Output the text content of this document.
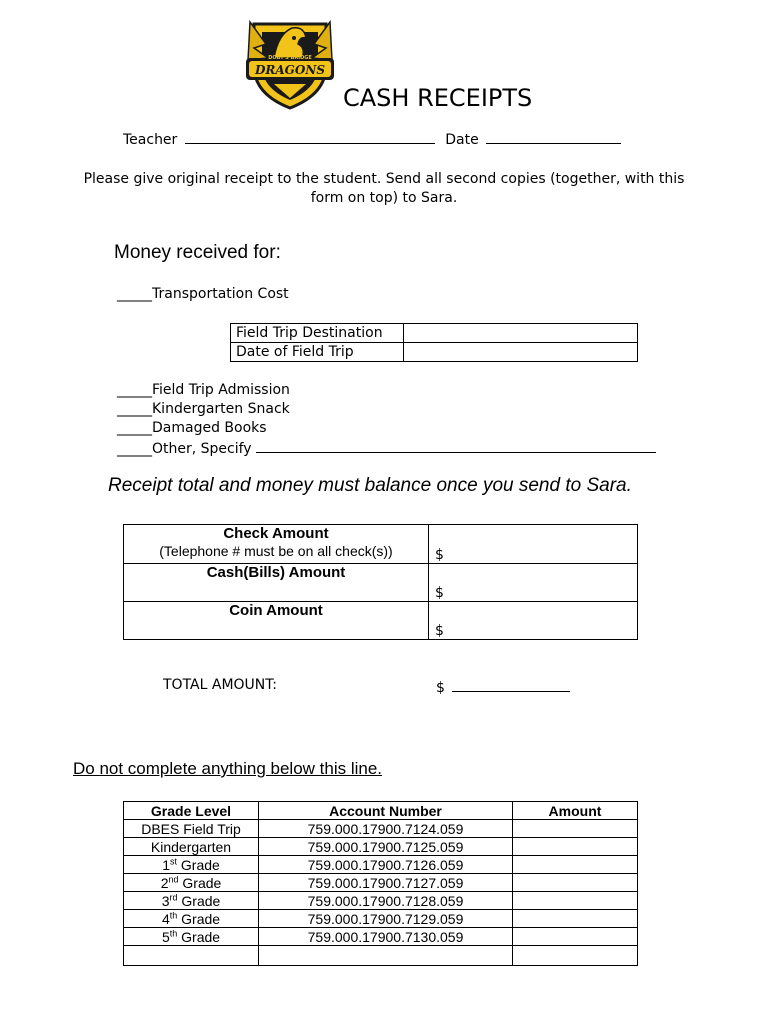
DOBY'S BRIDGE
DRAGONS
CASH RECEIPTS
Teacher	Date
Please give original receipt to the student. Send all second copies (together, with this form on top) to Sara.
Money received for:
_____Transportation Cost
Field Trip Destination	
Date of Field Trip	
_____Field Trip Admission
_____Kindergarten Snack
_____Damaged Books
_____Other, Specify
Receipt total and money must balance once you send to Sara.
Check Amount
(Telephone # must be on all check(s))	$

Cash(Bills) Amount	$

Coin Amount	$
TOTAL AMOUNT:	$
Do not complete anything below this line.
Grade Level	Account Number	Amount
DBES Field Trip	759.000.17900.7124.059	
Kindergarten	759.000.17900.7125.059	
1st Grade	759.000.17900.7126.059	
2nd Grade	759.000.17900.7127.059	
3rd Grade	759.000.17900.7128.059	
4th Grade	759.000.17900.7129.059	
5th Grade	759.000.17900.7130.059	
